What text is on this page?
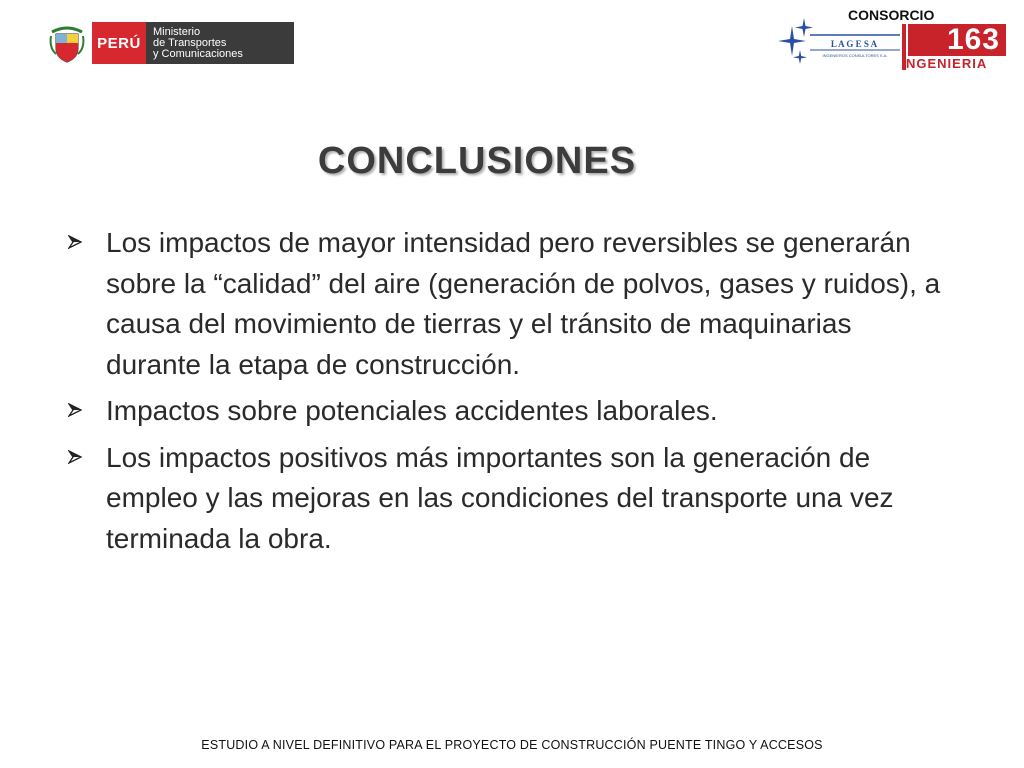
PERÚ
Ministerio
de Transportes
y Comunicaciones
CONSORCIO
L A G E S A
INGENIEROS CONSULTORES S.A.	163
NGENIERIA
CONCLUSIONES
Los impactos de mayor intensidad pero reversibles se generarán sobre la “calidad” del aire (generación de polvos, gases y ruidos), a causa del movimiento de tierras y el tránsito de maquinarias durante la etapa de construcción.
Impactos sobre potenciales accidentes laborales.
Los impactos positivos más importantes son la generación de empleo y las mejoras en las condiciones del transporte una vez terminada la obra.
ESTUDIO A NIVEL DEFINITIVO PARA EL PROYECTO DE CONSTRUCCIÓN PUENTE TINGO Y ACCESOS
